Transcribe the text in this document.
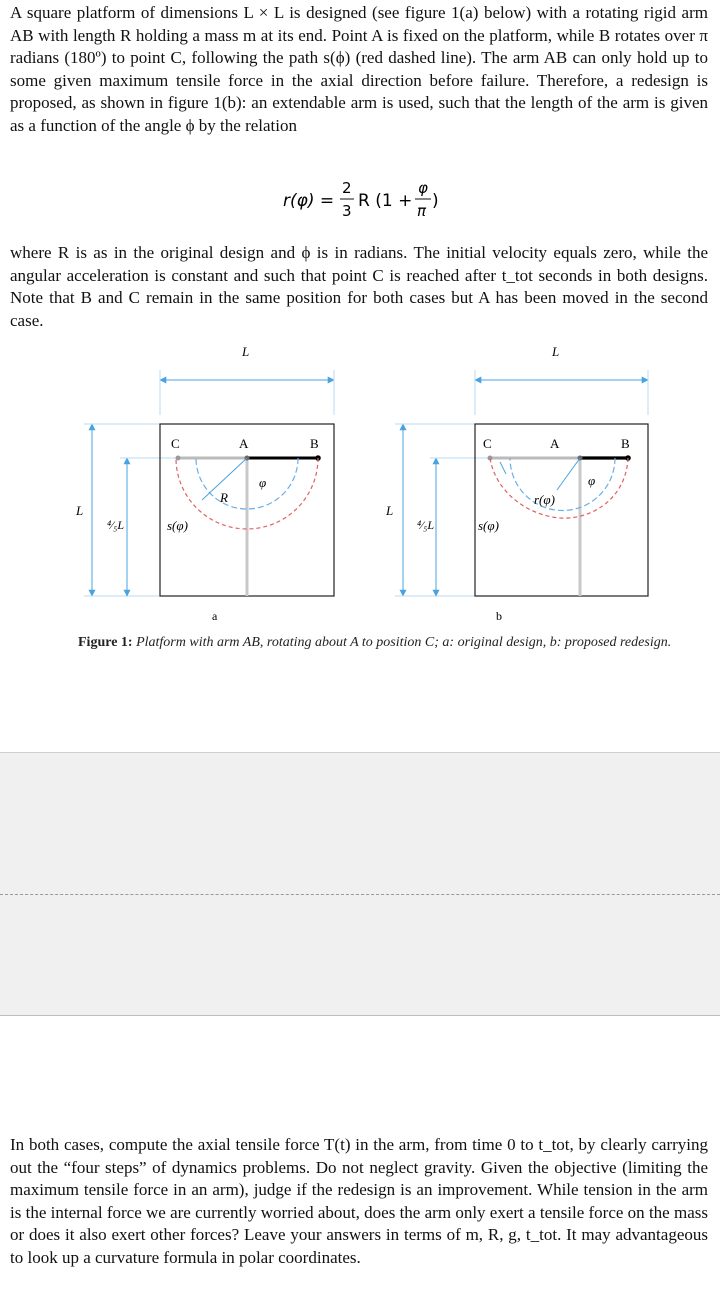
A square platform of dimensions L × L is designed (see figure 1(a) below) with a rotating rigid arm AB with length R holding a mass m at its end. Point A is fixed on the platform, while B rotates over π radians (180º) to point C, following the path s(ϕ) (red dashed line). The arm AB can only hold up to some given maximum tensile force in the axial direction before failure. Therefore, a redesign is proposed, as shown in figure 1(b): an extendable arm is used, such that the length of the arm is given as a function of the angle ϕ by the relation

r(φ) =
2
3 R (1 +
φ
π )

where R is as in the original design and ϕ is in radians. The initial velocity equals zero, while the angular acceleration is constant and such that point C is reached after t_tot seconds in both designs. Note that B and C remain in the same position for both cases but A has been moved in the second case.

L
L
⁴⁄₅L
R
φ
s(φ)
C	A	B
a
L
L
⁴⁄₅L
r(φ)
φ
s(φ)
C	A	B
b

Figure 1: Platform with arm AB, rotating about A to position C; a: original design, b: proposed redesign.

In both cases, compute the axial tensile force T(t) in the arm, from time 0 to t_tot, by clearly carrying out the “four steps” of dynamics problems. Do not neglect gravity. Given the objective (limiting the maximum tensile force in an arm), judge if the redesign is an improvement. While tension in the arm is the internal force we are currently worried about, does the arm only exert a tensile force on the mass or does it also exert other forces? Leave your answers in terms of m, R, g, t_tot. It may advantageous to look up a curvature formula in polar coordinates.
